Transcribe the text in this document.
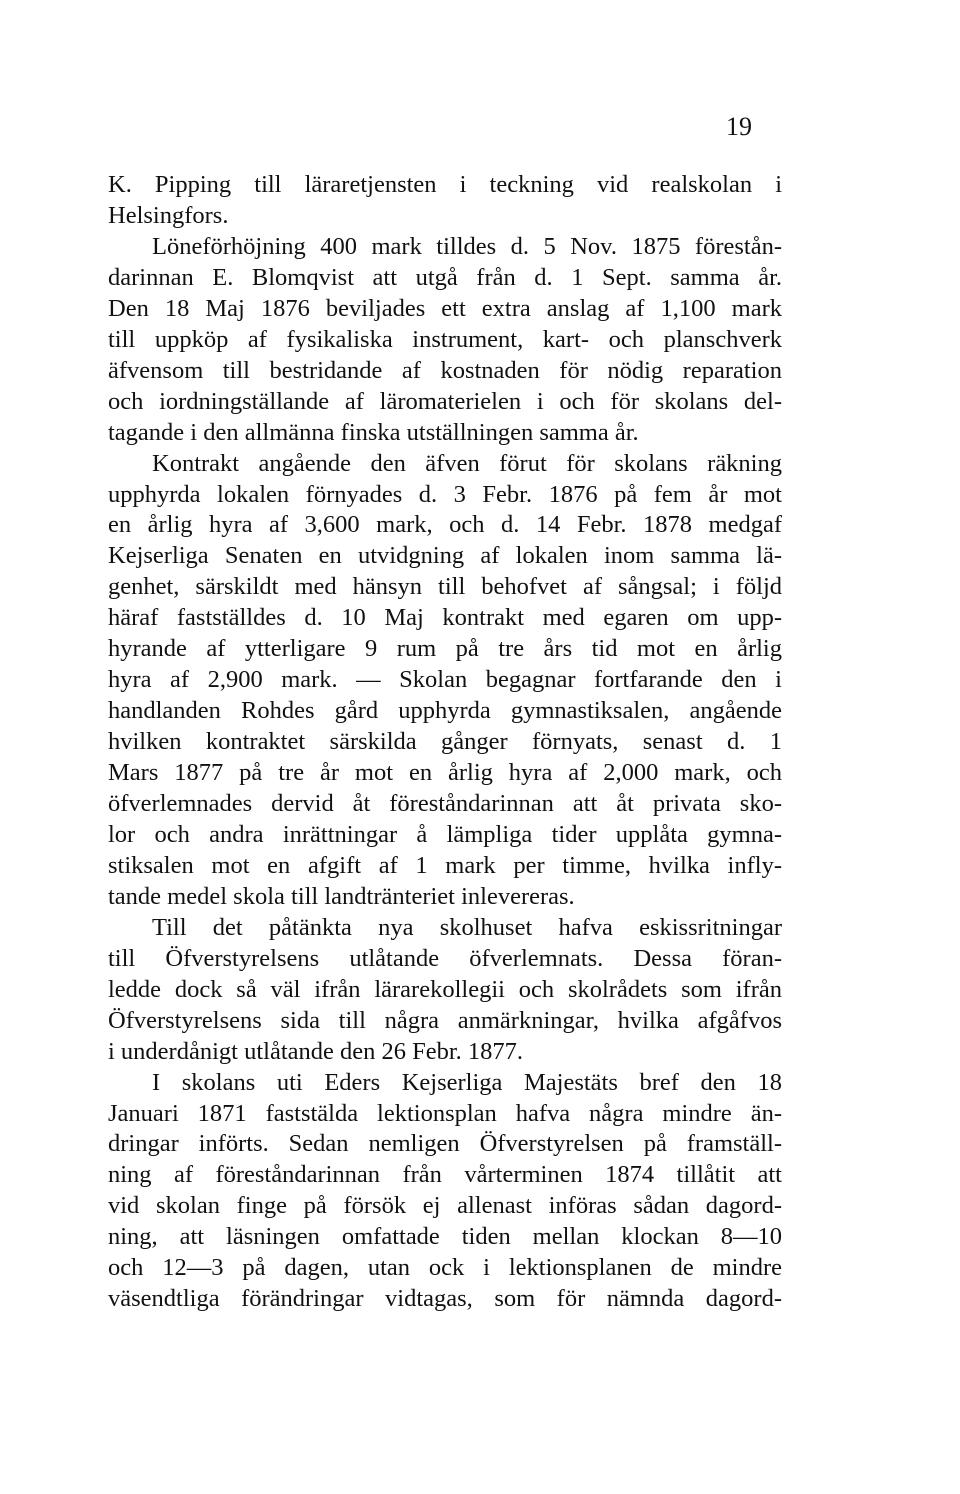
19
K. Pipping till läraretjensten i teckning vid realskolan i
Helsingfors.
Löneförhöjning 400 mark tilldes d. 5 Nov. 1875 förestån-
darinnan E. Blomqvist att utgå från d. 1 Sept. samma år.
Den 18 Maj 1876 beviljades ett extra anslag af 1,100 mark
till uppköp af fysikaliska instrument, kart- och planschverk
äfvensom till bestridande af kostnaden för nödig reparation
och iordningställande af läromaterielen i och för skolans del-
tagande i den allmänna finska utställningen samma år.
Kontrakt angående den äfven förut för skolans räkning
upphyrda lokalen förnyades d. 3 Febr. 1876 på fem år mot
en årlig hyra af 3,600 mark, och d. 14 Febr. 1878 medgaf
Kejserliga Senaten en utvidgning af lokalen inom samma lä-
genhet, särskildt med hänsyn till behofvet af sångsal; i följd
häraf fastställdes d. 10 Maj kontrakt med egaren om upp-
hyrande af ytterligare 9 rum på tre års tid mot en årlig
hyra af 2,900 mark. — Skolan begagnar fortfarande den i
handlanden Rohdes gård upphyrda gymnastiksalen, angående
hvilken kontraktet särskilda gånger förnyats, senast d. 1
Mars 1877 på tre år mot en årlig hyra af 2,000 mark, och
öfverlemnades dervid åt föreståndarinnan att åt privata sko-
lor och andra inrättningar å lämpliga tider upplåta gymna-
stiksalen mot en afgift af 1 mark per timme, hvilka infly-
tande medel skola till landtränteriet inlevereras.
Till det påtänkta nya skolhuset hafva eskissritningar
till Öfverstyrelsens utlåtande öfverlemnats. Dessa föran-
ledde dock så väl ifrån lärarekollegii och skolrådets som ifrån
Öfverstyrelsens sida till några anmärkningar, hvilka afgåfvos
i underdånigt utlåtande den 26 Febr. 1877.
I skolans uti Eders Kejserliga Majestäts bref den 18
Januari 1871 faststälda lektionsplan hafva några mindre än-
dringar införts. Sedan nemligen Öfverstyrelsen på framställ-
ning af föreståndarinnan från vårterminen 1874 tillåtit att
vid skolan finge på försök ej allenast införas sådan dagord-
ning, att läsningen omfattade tiden mellan klockan 8—10
och 12—3 på dagen, utan ock i lektionsplanen de mindre
väsendtliga förändringar vidtagas, som för nämnda dagord-
